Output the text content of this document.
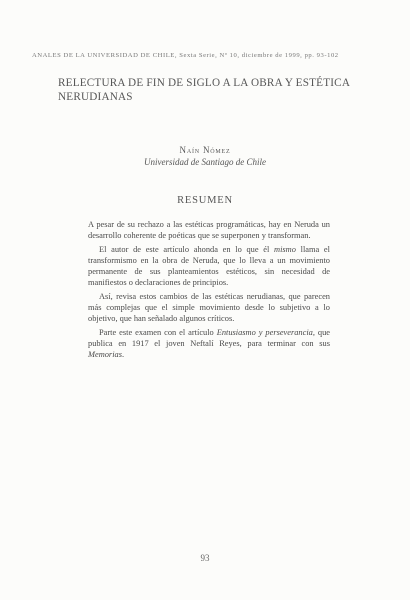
ANALES DE LA UNIVERSIDAD DE CHILE, Sexta Serie, Nº 10, diciembre de 1999, pp. 93-102
RELECTURA DE FIN DE SIGLO A LA OBRA Y ESTÉTICA NERUDIANAS
Naín Nómez
Universidad de Santiago de Chile
RESUMEN

A pesar de su rechazo a las estéticas programáticas, hay en Neruda un desarrollo coherente de poéticas que se superponen y transforman.

El autor de este artículo ahonda en lo que él mismo llama el transformismo en la obra de Neruda, que lo lleva a un movimiento permanente de sus planteamientos estéticos, sin necesidad de manifiestos o declaraciones de principios.

Así, revisa estos cambios de las estéticas nerudianas, que parecen más complejas que el simple movimiento desde lo subjetivo a lo objetivo, que han señalado algunos críticos.

Parte este examen con el artículo Entusiasmo y perseverancia, que publica en 1917 el joven Neftalí Reyes, para terminar con sus Memorias.

93
